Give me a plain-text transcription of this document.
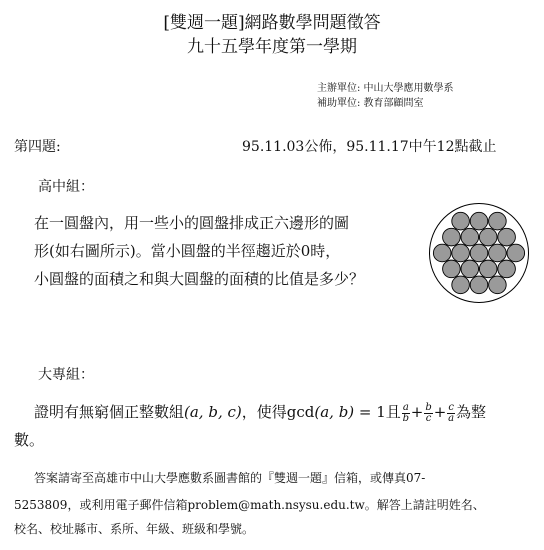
[雙週一題]網路數學問題徵答
九十五學年度第一學期
主辦單位: 中山大學應用數學系
補助單位: 教育部顧問室
第四題:	95.11.03公佈，95.11.17中午12點截止
高中組：
在一圓盤內，用一些小的圓盤排成正六邊形的圖
形(如右圖所示)。當小圓盤的半徑趨近於0時，
小圓盤的面積之和與大圓盤的面積的比值是多少？
大專組：
證明有無窮個正整數組(a, b, c)，使得gcd(a, b) = 1且 $\frac{a}{b} + \frac{b}{c} + \frac{c}{a}$ 為整
數。
答案請寄至高雄市中山大學應數系圖書館的『雙週一題』信箱，或傳真07-
5253809，或利用電子郵件信箱problem@math.nsysu.edu.tw。解答上請註明姓名、
校名、校址縣市、系所、年級、班級和學號。
